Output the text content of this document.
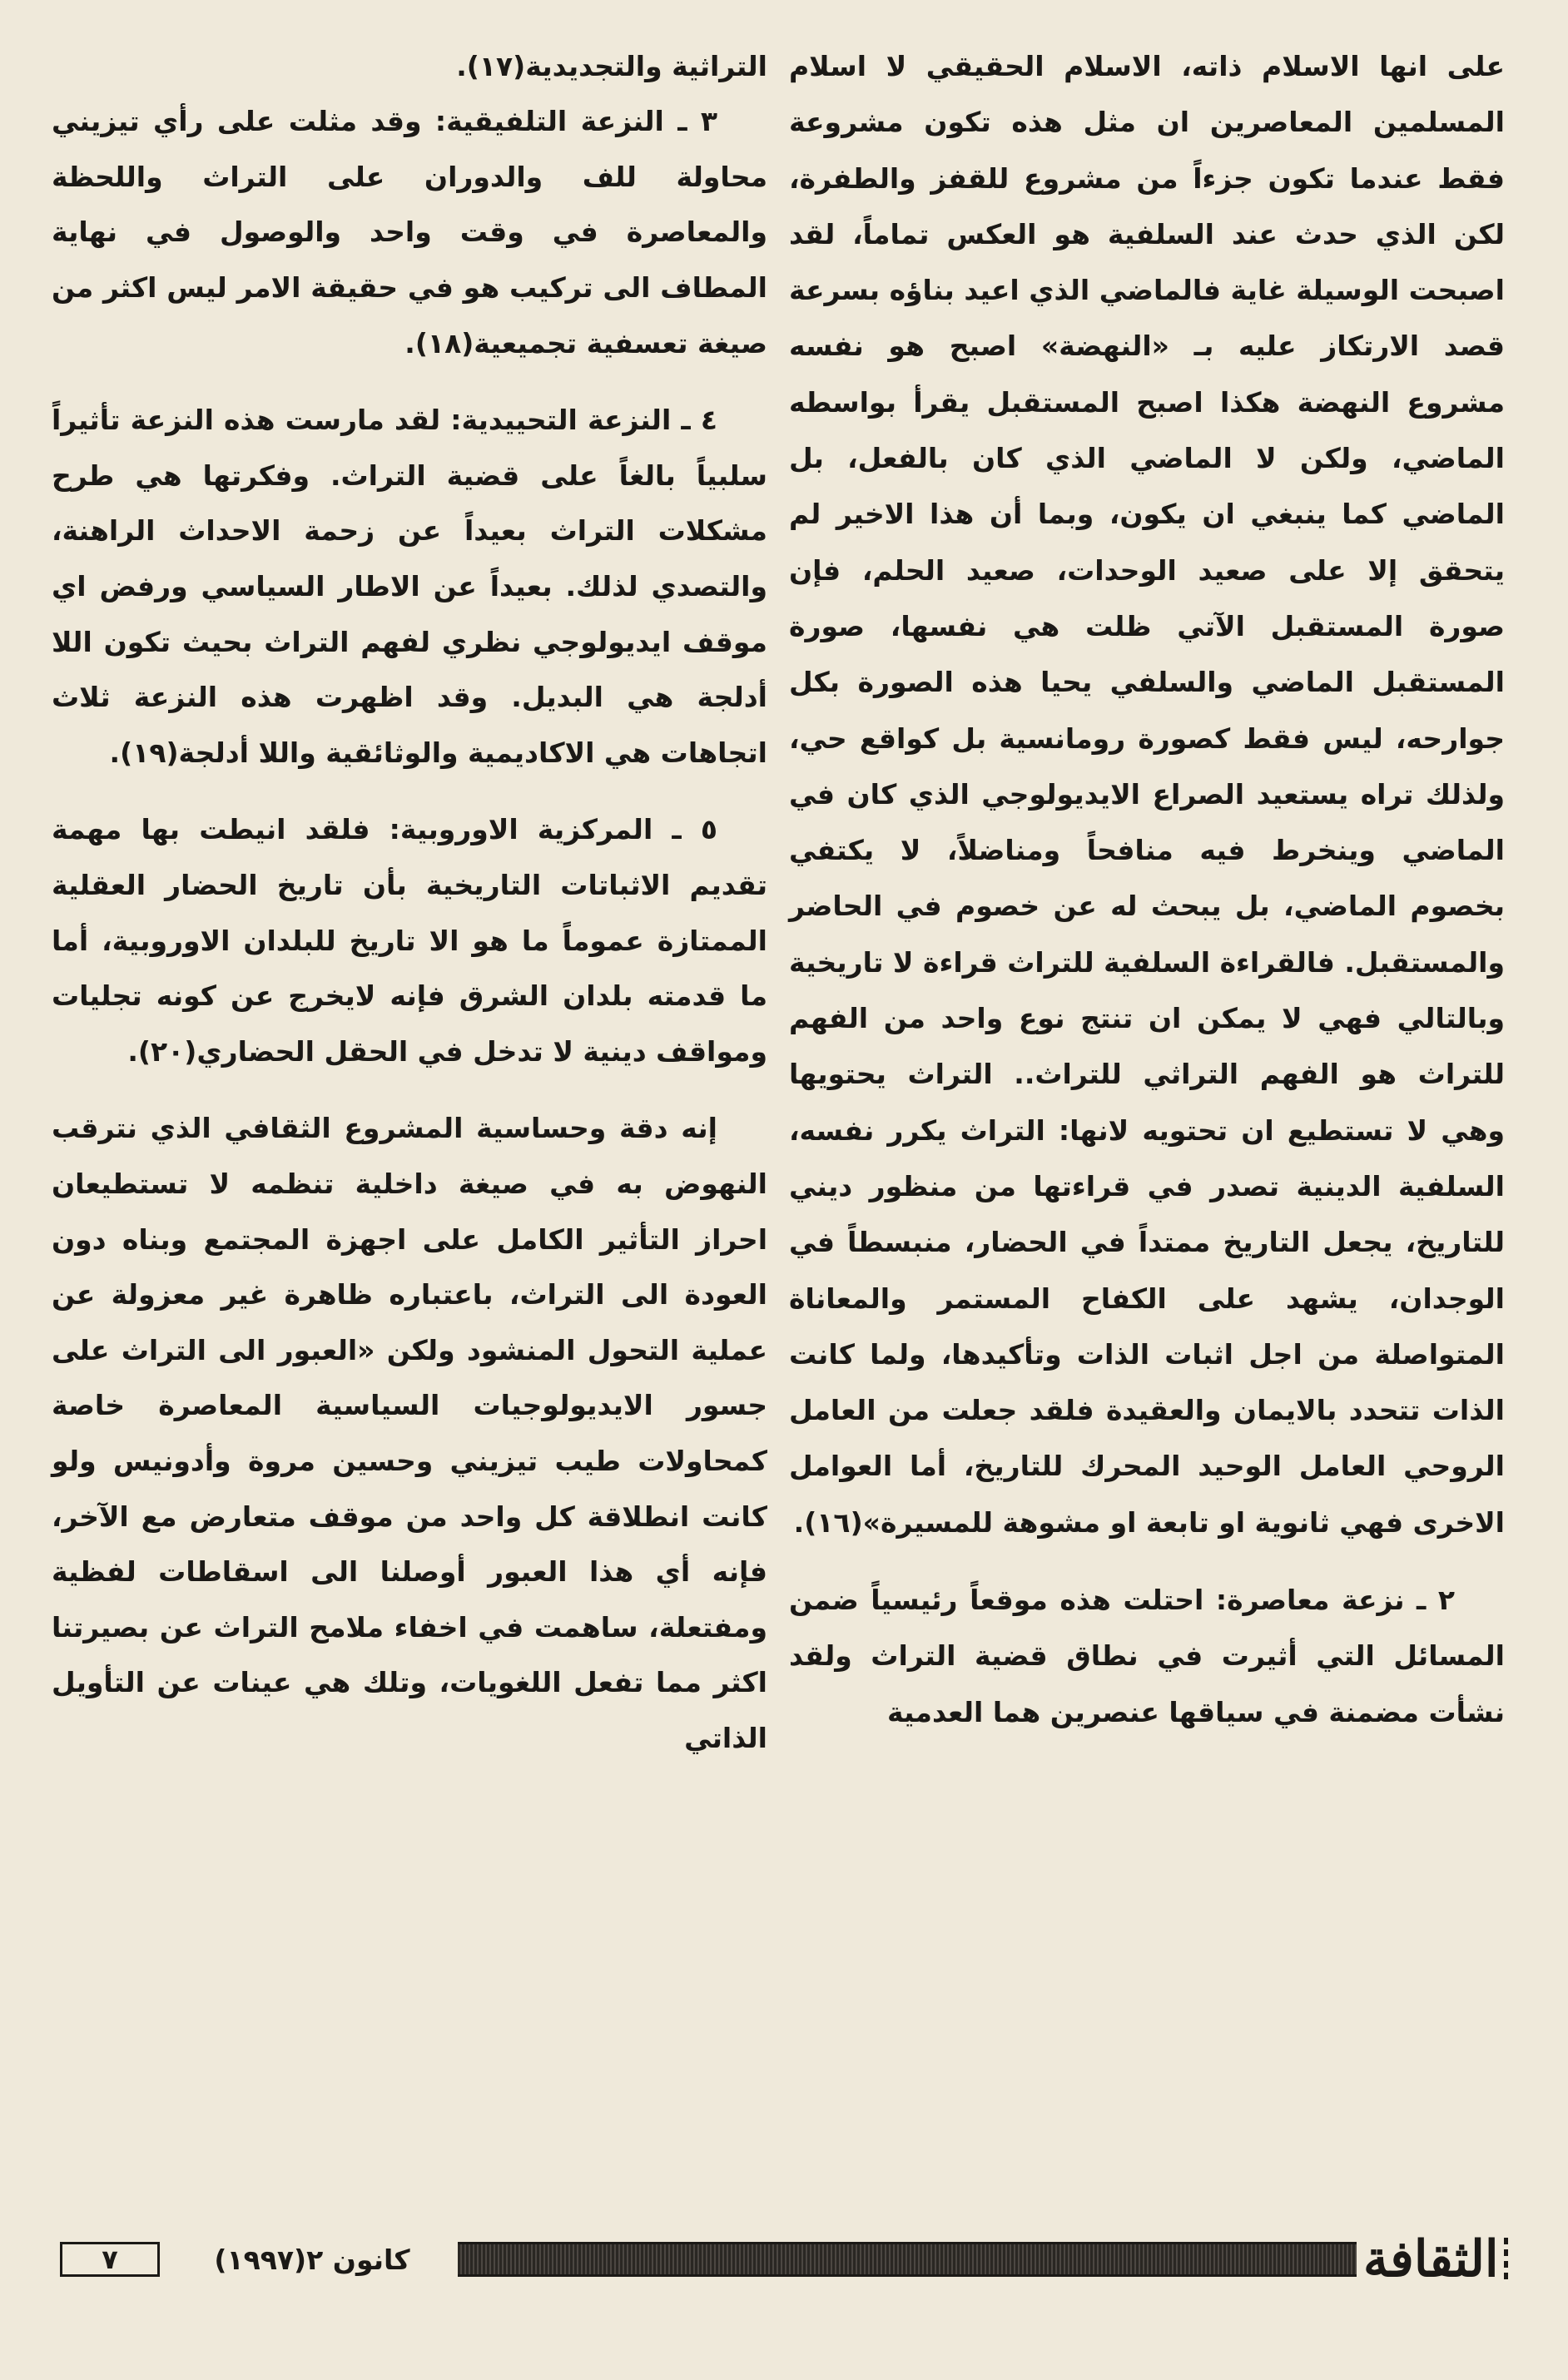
على انها الاسلام ذاته، الاسلام الحقيقي لا اسلام المسلمين المعاصرين ان مثل هذه تكون مشروعة فقط عندما تكون جزءاً من مشروع للقفز والطفرة، لكن الذي حدث عند السلفية هو العكس تماماً، لقد اصبحت الوسيلة غاية فالماضي الذي اعيد بناؤه بسرعة قصد الارتكاز عليه بـ «النهضة» اصبح هو نفسه مشروع النهضة هكذا اصبح المستقبل يقرأ بواسطه الماضي، ولكن لا الماضي الذي كان بالفعل، بل الماضي كما ينبغي ان يكون، وبما أن هذا الاخير لم يتحقق إلا على صعيد الوحدات، صعيد الحلم، فإن صورة المستقبل الآتي ظلت هي نفسها، صورة المستقبل الماضي والسلفي يحيا هذه الصورة بكل جوارحه، ليس فقط كصورة رومانسية بل كواقع حي، ولذلك تراه يستعيد الصراع الايديولوجي الذي كان في الماضي وينخرط فيه منافحاً ومناضلاً، لا يكتفي بخصوم الماضي، بل يبحث له عن خصوم في الحاضر والمستقبل. فالقراءة السلفية للتراث قراءة لا تاريخية وبالتالي فهي لا يمكن ان تنتج نوع واحد من الفهم للتراث هو الفهم التراثي للتراث.. التراث يحتويها وهي لا تستطيع ان تحتويه لانها: التراث يكرر نفسه، السلفية الدينية تصدر في قراءتها من منظور ديني للتاريخ، يجعل التاريخ ممتداً في الحضار، منبسطاً في الوجدان، يشهد على الكفاح المستمر والمعاناة المتواصلة من اجل اثبات الذات وتأكيدها، ولما كانت الذات تتحدد بالايمان والعقيدة فلقد جعلت من العامل الروحي العامل الوحيد المحرك للتاريخ، أما العوامل الاخرى فهي ثانوية او تابعة او مشوهة للمسيرة»(١٦).

٢ ـ نزعة معاصرة: احتلت هذه موقعاً رئيسياً ضمن المسائل التي أثيرت في نطاق قضية التراث ولقد نشأت مضمنة في سياقها عنصرين هما العدمية

التراثية والتجديدية(١٧).

٣ ـ النزعة التلفيقية: وقد مثلت على رأي تيزيني محاولة للف والدوران على التراث واللحظة والمعاصرة في وقت واحد والوصول في نهاية المطاف الى تركيب هو في حقيقة الامر ليس اكثر من صيغة تعسفية تجميعية(١٨).

٤ ـ النزعة التحييدية: لقد مارست هذه النزعة تأثيراً سلبياً بالغاً على قضية التراث. وفكرتها هي طرح مشكلات التراث بعيداً عن زحمة الاحداث الراهنة، والتصدي لذلك. بعيداً عن الاطار السياسي ورفض اي موقف ايديولوجي نظري لفهم التراث بحيث تكون اللا أدلجة هي البديل. وقد اظهرت هذه النزعة ثلاث اتجاهات هي الاكاديمية والوثائقية واللا أدلجة(١٩).

٥ ـ المركزية الاوروبية: فلقد انيطت بها مهمة تقديم الاثباتات التاريخية بأن تاريخ الحضار العقلية الممتازة عموماً ما هو الا تاريخ للبلدان الاوروبية، أما ما قدمته بلدان الشرق فإنه لايخرج عن كونه تجليات ومواقف دينية لا تدخل في الحقل الحضاري(٢٠).

إنه دقة وحساسية المشروع الثقافي الذي نترقب النهوض به في صيغة داخلية تنظمه لا تستطيعان احراز التأثير الكامل على اجهزة المجتمع وبناه دون العودة الى التراث، باعتباره ظاهرة غير معزولة عن عملية التحول المنشود ولكن «العبور الى التراث على جسور الايديولوجيات السياسية المعاصرة خاصة كمحاولات طيب تيزيني وحسين مروة وأدونيس ولو كانت انطلاقة كل واحد من موقف متعارض مع الآخر، فإنه أي هذا العبور أوصلنا الى اسقاطات لفظية ومفتعلة، ساهمت في اخفاء ملامح التراث عن بصيرتنا اكثر مما تفعل اللغويات، وتلك هي عينات عن التأويل الذاتي

٧	كانون ٢(١٩٩٧)	الثقافة
